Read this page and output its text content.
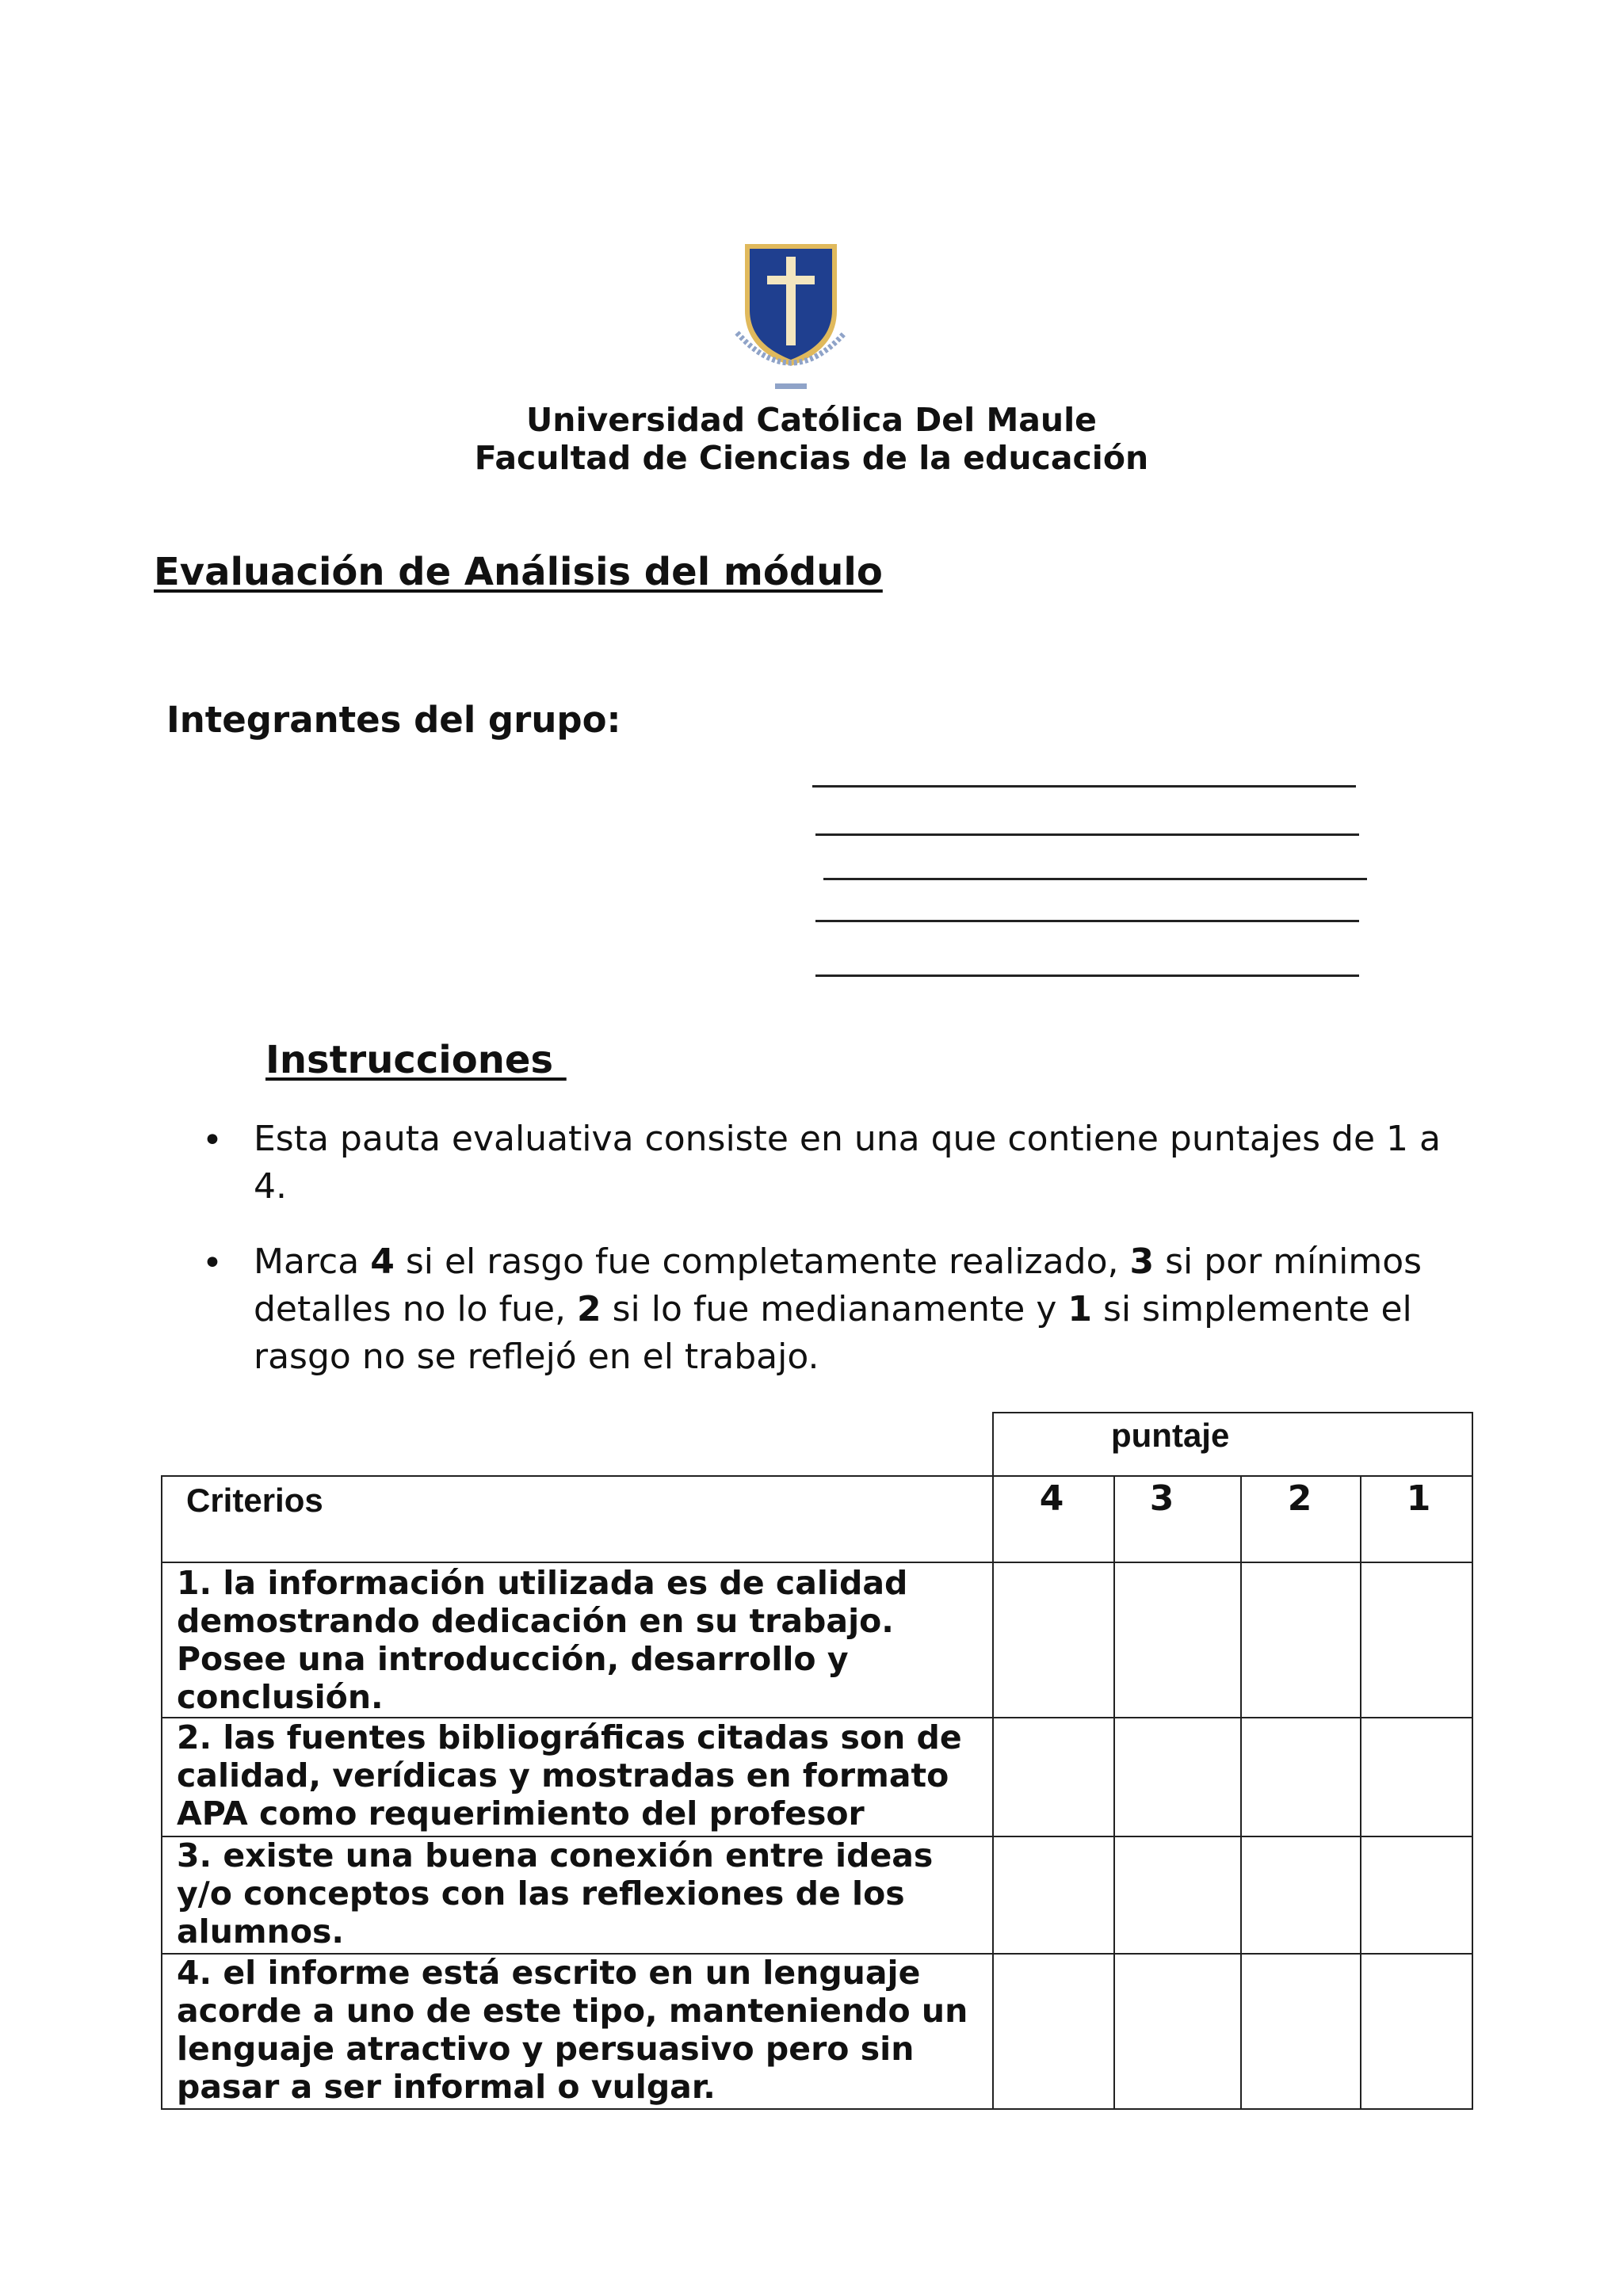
Universidad Católica Del Maule
Facultad de Ciencias de la educación
Evaluación de Análisis del módulo
Integrantes del grupo:
Instrucciones
• Esta pauta evaluativa consiste en una que contiene puntajes de 1 a
4.
• Marca 4 si el rasgo fue completamente realizado, 3 si por mínimos
detalles no lo fue, 2 si lo fue medianamente y 1 si simplemente el
rasgo no se reflejó en el trabajo.
puntaje
Criterios	4	3	2	1
1. la información utilizada es de calidad
demostrando dedicación en su trabajo.
Posee una introducción, desarrollo y
conclusión.
2. las fuentes bibliográficas citadas son de
calidad, verídicas y mostradas en formato
APA como requerimiento del profesor
3. existe una buena conexión entre ideas
y/o conceptos con las reflexiones de los
alumnos.
4. el informe está escrito en un lenguaje
acorde a uno de este tipo, manteniendo un
lenguaje atractivo y persuasivo pero sin
pasar a ser informal o vulgar.
